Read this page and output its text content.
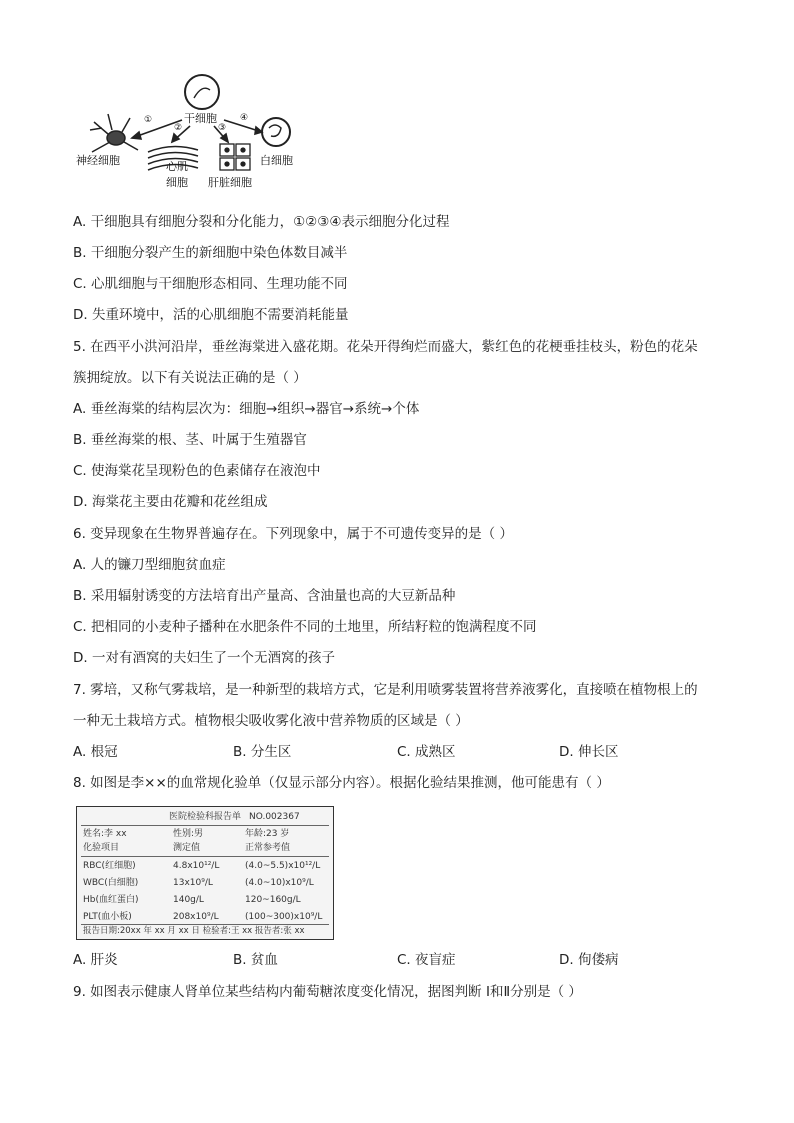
干细胞
①
②	③
④
神经细胞	心肌
细胞 肝脏细胞
白细胞
A. 干细胞具有细胞分裂和分化能力，①②③④表示细胞分化过程
B. 干细胞分裂产生的新细胞中染色体数目减半
C. 心肌细胞与干细胞形态相同、生理功能不同
D. 失重环境中，活的心肌细胞不需要消耗能量
5. 在西平小洪河沿岸，垂丝海棠进入盛花期。花朵开得绚烂而盛大，紫红色的花梗垂挂枝头，粉色的花朵
簇拥绽放。以下有关说法正确的是（ ）
A. 垂丝海棠的结构层次为：细胞→组织→器官→系统→个体
B. 垂丝海棠的根、茎、叶属于生殖器官
C. 使海棠花呈现粉色的色素储存在液泡中
D. 海棠花主要由花瓣和花丝组成
6. 变异现象在生物界普遍存在。下列现象中，属于不可遗传变异的是（ ）
A. 人的镰刀型细胞贫血症
B. 采用辐射诱变的方法培育出产量高、含油量也高的大豆新品种
C. 把相同的小麦种子播种在水肥条件不同的土地里，所结籽粒的饱满程度不同
D. 一对有酒窝的夫妇生了一个无酒窝的孩子
7. 雾培，又称气雾栽培，是一种新型的栽培方式，它是利用喷雾装置将营养液雾化，直接喷在植物根上的
一种无土栽培方式。植物根尖吸收雾化液中营养物质的区域是（ ）
A. 根冠	B. 分生区	C. 成熟区	D. 伸长区
8. 如图是李××的血常规化验单（仅显示部分内容）。根据化验结果推测，他可能患有（ ）
医院检验科报告单 NO.002367
姓名:李 xx	性别:男	年龄:23 岁
化验项目	测定值	正常参考值
RBC(红细胞)	4.8x10¹²/L	(4.0~5.5)x10¹²/L
WBC(白细胞)	13x10⁹/L	(4.0~10)x10⁹/L
Hb(血红蛋白)	140g/L	120~160g/L
PLT(血小板)	208x10⁹/L	(100~300)x10⁹/L
报告日期:20xx 年 xx 月 xx 日 检验者:王 xx 报告者:张 xx
A. 肝炎	B. 贫血	C. 夜盲症	D. 佝偻病
9. 如图表示健康人肾单位某些结构内葡萄糖浓度变化情况，据图判断 Ⅰ和Ⅱ分别是（ ）
